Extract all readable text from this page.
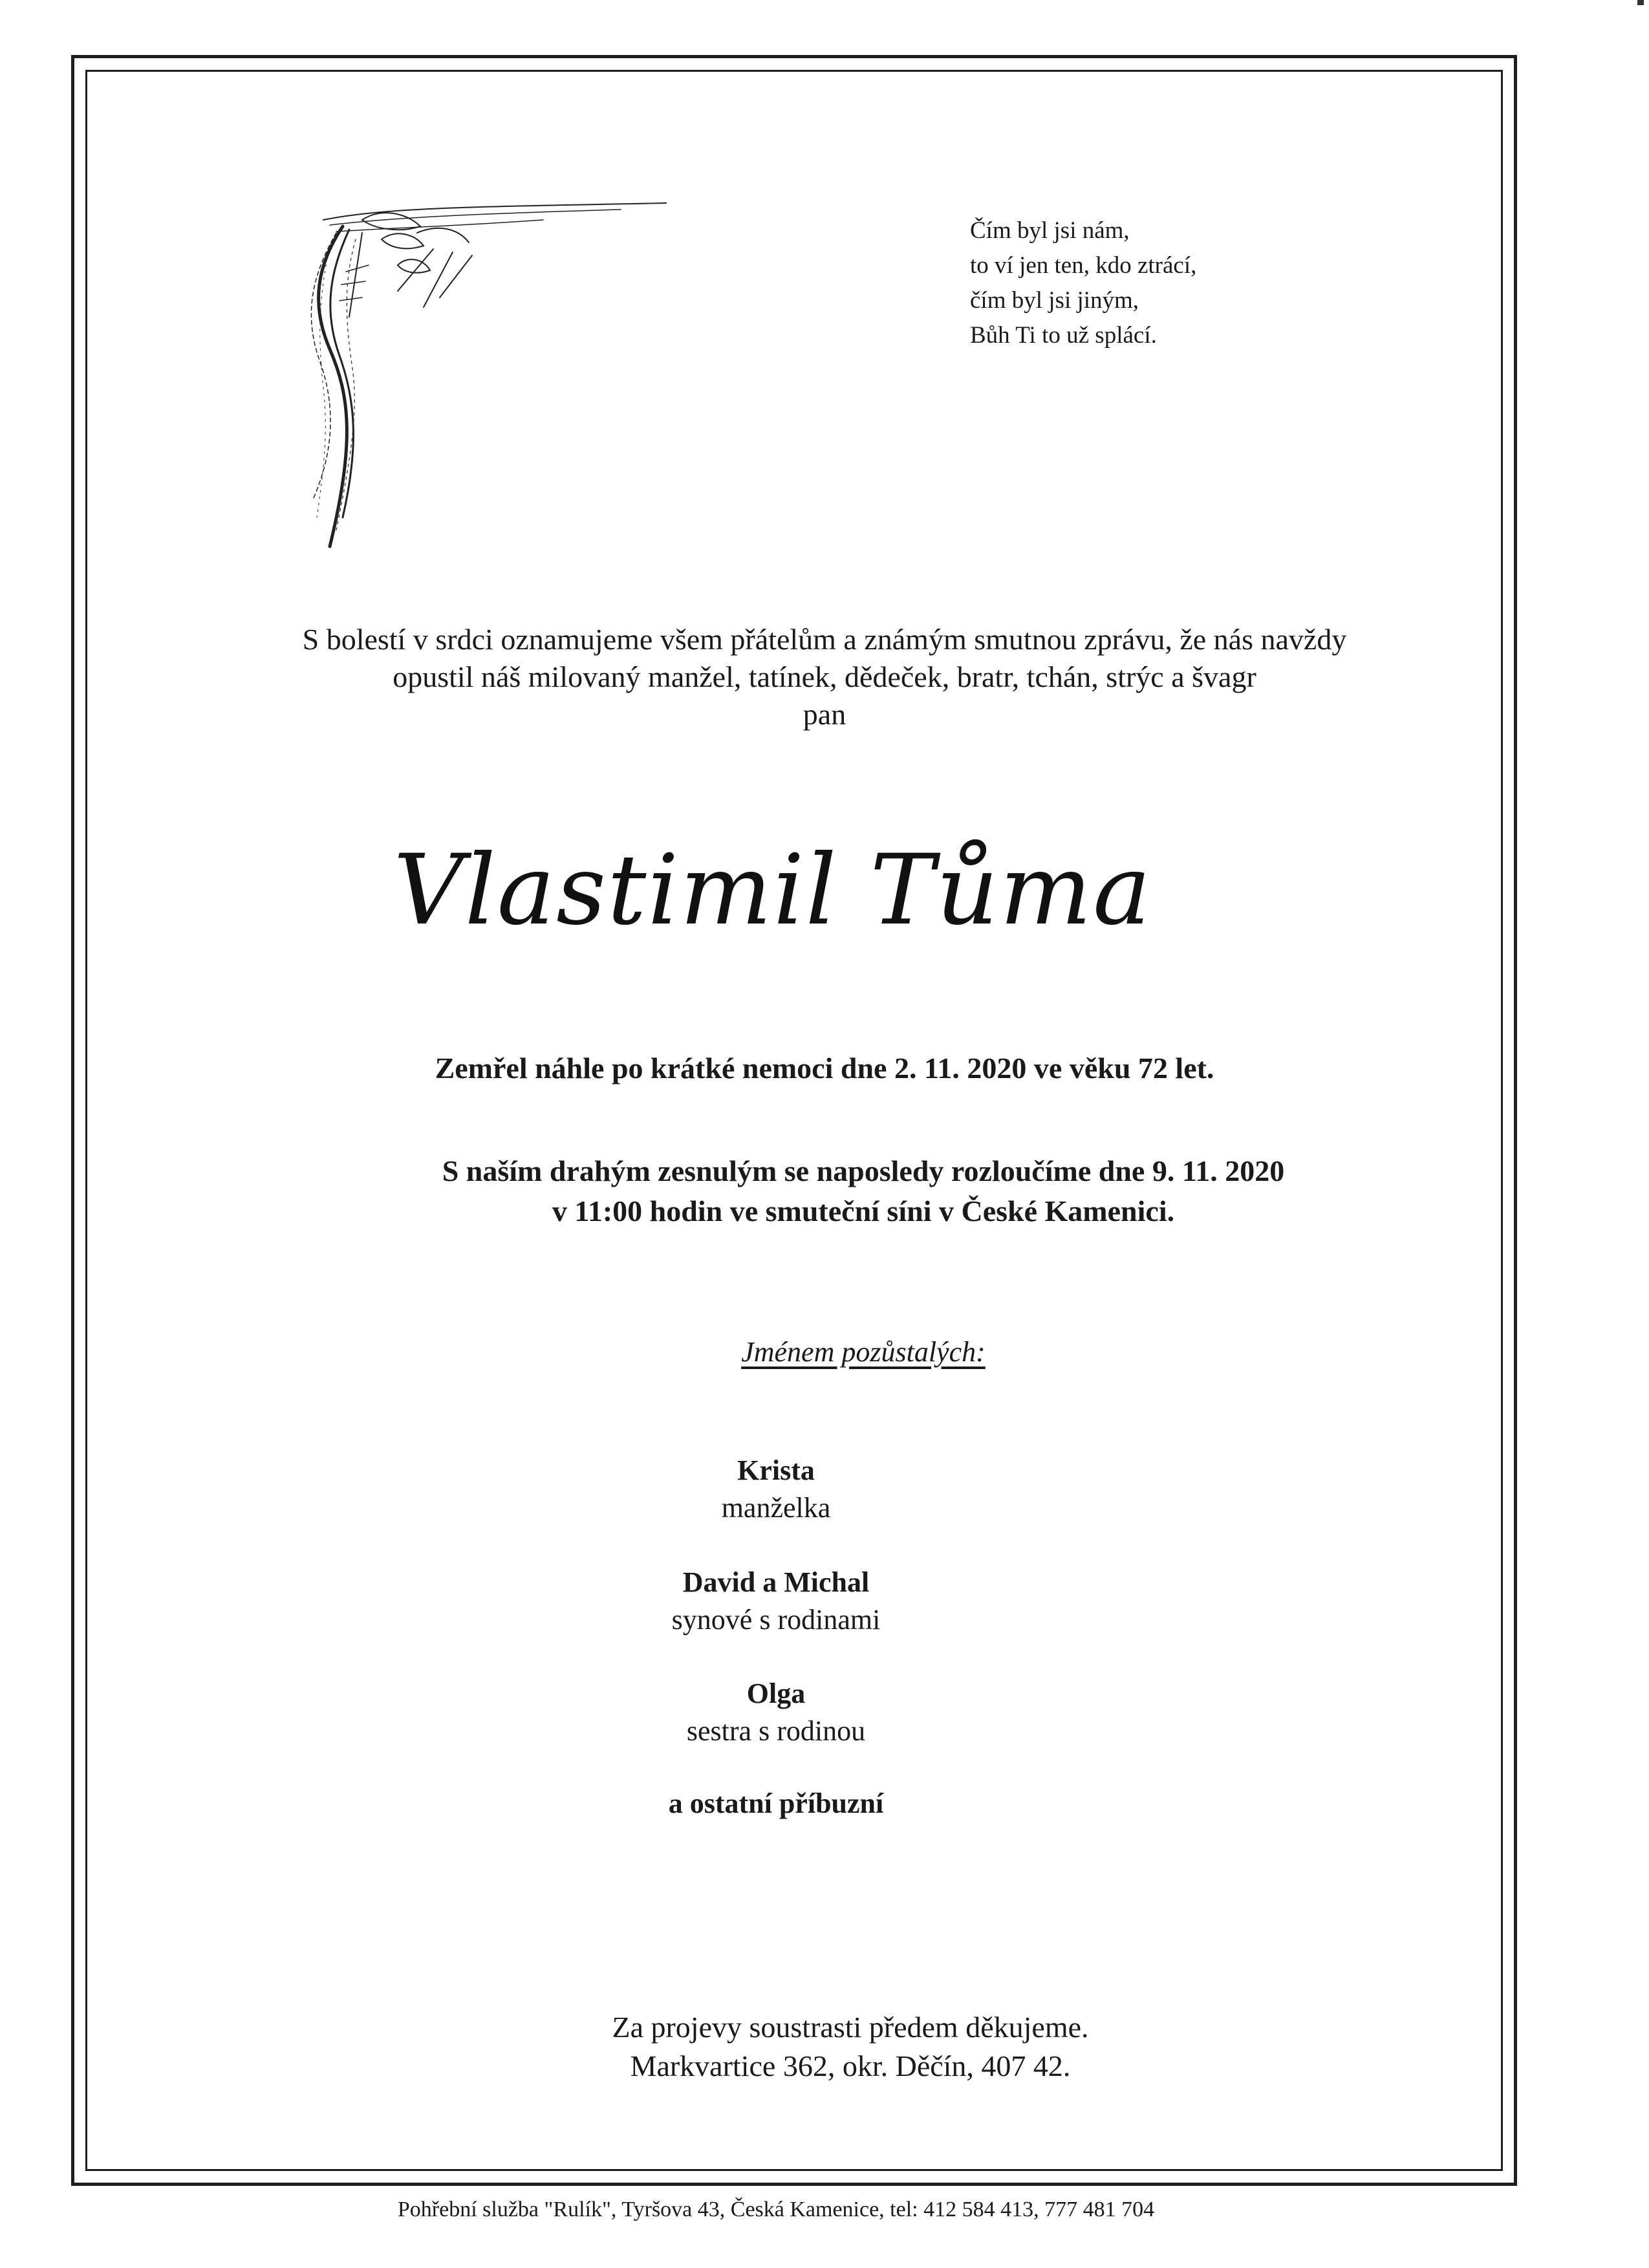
Čím byl jsi nám,
to ví jen ten, kdo ztrácí,
čím byl jsi jiným,
Bůh Ti to už splácí.
S bolestí v srdci oznamujeme všem přátelům a známým smutnou zprávu, že nás navždy
opustil náš milovaný manžel, tatínek, dědeček, bratr, tchán, strýc a švagr
pan
Vlastimil Tůma
Zemřel náhle po krátké nemoci dne 2. 11. 2020 ve věku 72 let.
S naším drahým zesnulým se naposledy rozloučíme dne 9. 11. 2020
v 11:00 hodin ve smuteční síni v České Kamenici.
Jménem pozůstalých:
Krista
manželka
David a Michal
synové s rodinami
Olga
sestra s rodinou
a ostatní příbuzní
Za projevy soustrasti předem děkujeme.
Markvartice 362, okr. Děčín, 407 42.
Pohřební služba "Rulík", Tyršova 43, Česká Kamenice, tel: 412 584 413, 777 481 704
